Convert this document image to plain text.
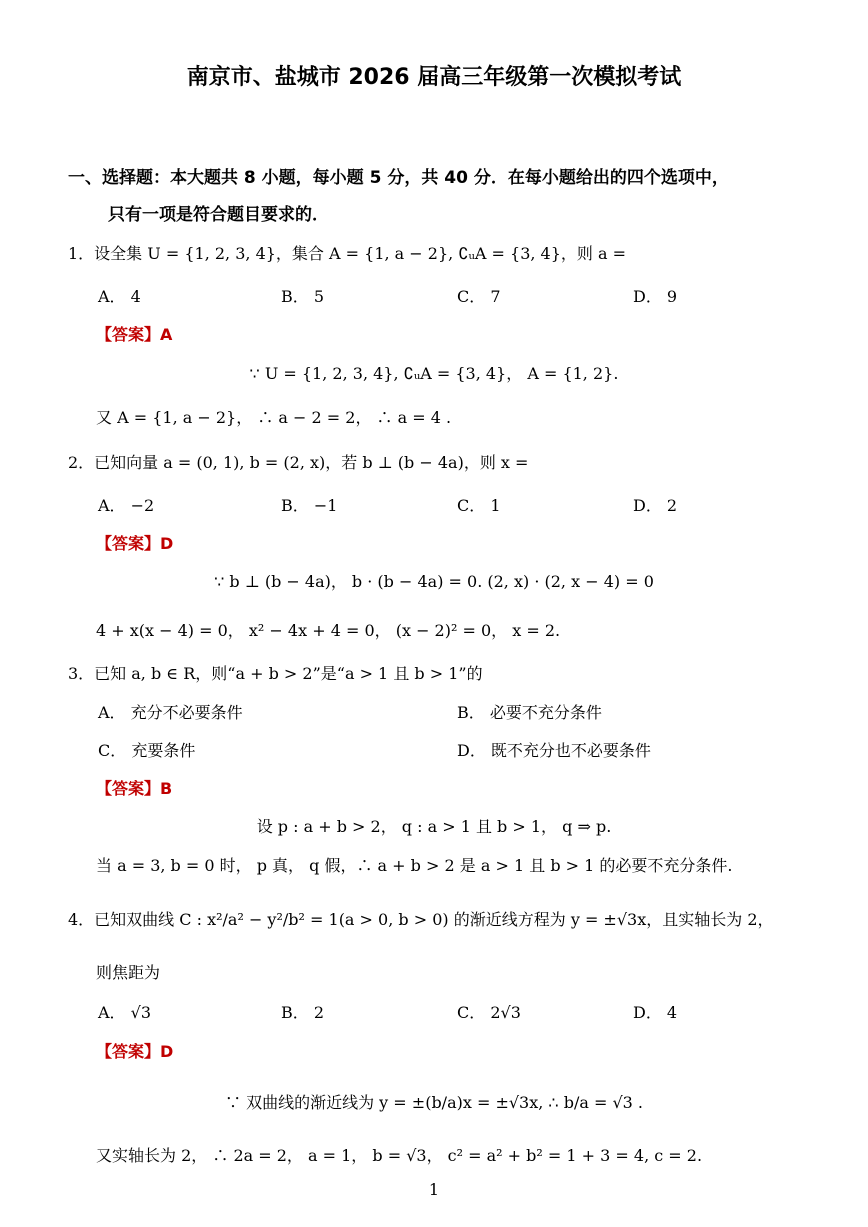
南京市、盐城市 2026 届高三年级第一次模拟考试
一、选择题：本大题共 8 小题，每小题 5 分，共 40 分．在每小题给出的四个选项中，
只有一项是符合题目要求的．
1．设全集 U = {1, 2, 3, 4}，集合 A = {1, a − 2}, ∁ᵤA = {3, 4}，则 a =
A． 4	B． 5	C． 7	D． 9
【答案】A
∵ U = {1, 2, 3, 4}, ∁ᵤA = {3, 4}， A = {1, 2}.
又 A = {1, a − 2}， ∴ a − 2 = 2， ∴ a = 4 .
2．已知向量 a = (0, 1), b = (2, x)，若 b ⊥ (b − 4a)，则 x =
A． −2	B． −1	C． 1	D． 2
【答案】D
∵ b ⊥ (b − 4a)， b · (b − 4a) = 0. (2, x) · (2, x − 4) = 0
4 + x(x − 4) = 0， x² − 4x + 4 = 0， (x − 2)² = 0， x = 2.
3．已知 a, b ∈ R，则“a + b > 2”是“a > 1 且 b > 1”的
A． 充分不必要条件	B． 必要不充分条件
C． 充要条件	D． 既不充分也不必要条件
【答案】B
设 p : a + b > 2， q : a > 1 且 b > 1， q ⇒ p.
当 a = 3, b = 0 时， p 真， q 假，∴ a + b > 2 是 a > 1 且 b > 1 的必要不充分条件.
4．已知双曲线 C : x²/a² − y²/b² = 1(a > 0, b > 0) 的渐近线方程为 y = ±√3x，且实轴长为 2，
则焦距为
A． √3	B． 2	C． 2√3	D． 4
【答案】D
∵ 双曲线的渐近线为 y = ±(b/a)x = ±√3x, ∴ b/a = √3 .
又实轴长为 2， ∴ 2a = 2， a = 1， b = √3， c² = a² + b² = 1 + 3 = 4, c = 2.
1
